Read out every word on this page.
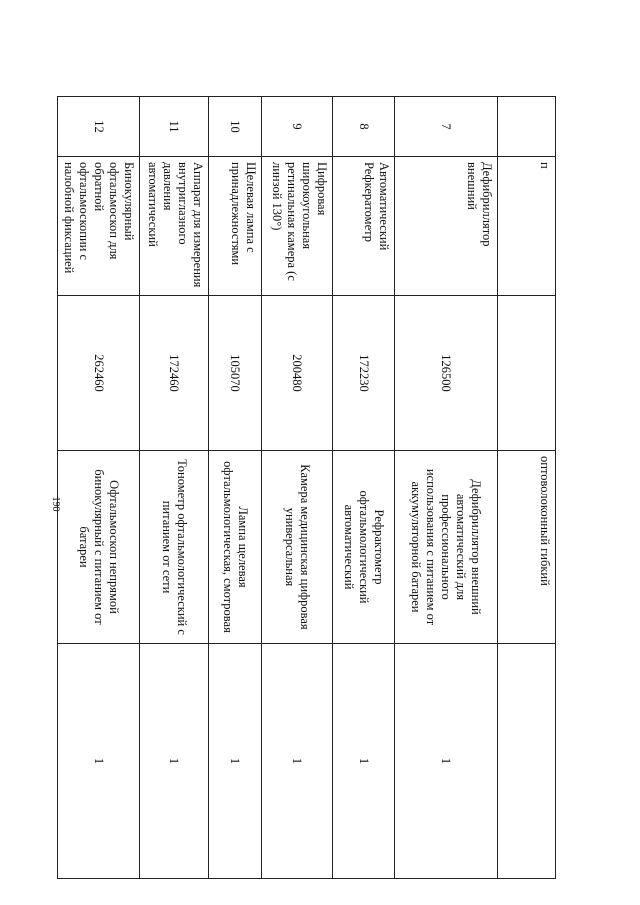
190
	п		оптоволоконный гибкий	
7	Дефибриллятор внешний	126500	Дефибриллятор внешний автоматический для профессионального использования с питанием от аккумуляторной батареи	1
8	Автоматический Рефкератометр	172230	Рефрактометр офтальмологический автоматический	1
9	Цифровая широкоугольная ретинальная камера (с линзой 130°)	200480	Камера медицинская цифровая универсальная	1
10	Щелевая лампа с принадлежностями	105070	Лампа щелевая офтальмологическая, смотровая	1
11	Аппарат для измерения внутриглазного давления автоматический	172460	Тонометр офтальмологический с питанием от сети	1
12	Бинокулярный офтальмоскоп для обратной офтальмоскопии с налобной фиксацией	262460	Офтальмоскоп непрямой бинокулярный с питанием от батареи	1
